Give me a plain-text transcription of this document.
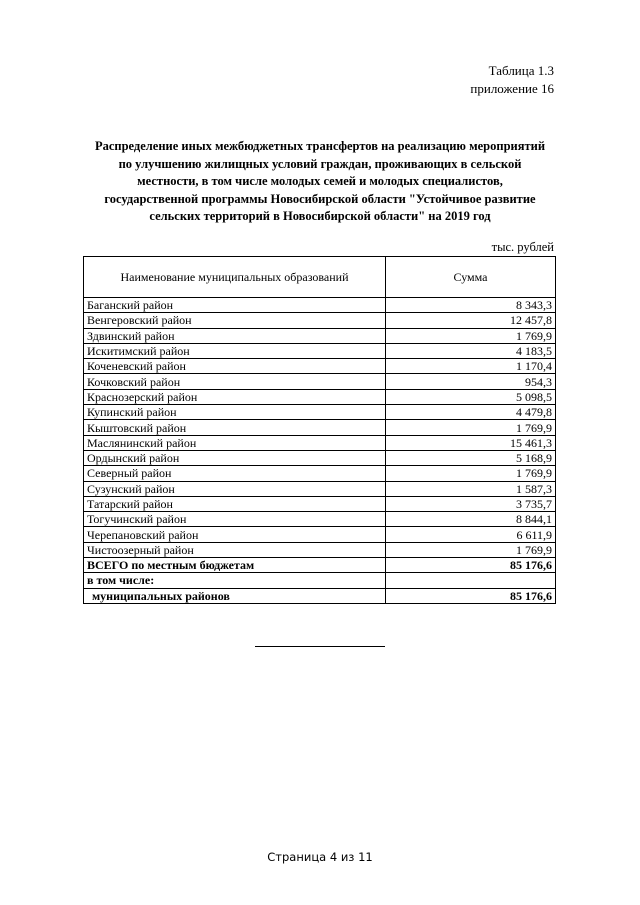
Таблица 1.3
приложение 16
Распределение иных межбюджетных трансфертов на реализацию мероприятий
по улучшению жилищных условий граждан, проживающих в сельской
местности, в том числе молодых семей и молодых специалистов,
государственной программы Новосибирской области "Устойчивое развитие
сельских территорий в Новосибирской области" на 2019 год
тыс. рублей
Наименование муниципальных образований	Сумма
Баганский район	8 343,3
Венгеровский район	12 457,8
Здвинский район	1 769,9
Искитимский район	4 183,5
Коченевский район	1 170,4
Кочковский район	954,3
Краснозерский район	5 098,5
Купинский район	4 479,8
Кыштовский район	1 769,9
Маслянинский район	15 461,3
Ордынский район	5 168,9
Северный район	1 769,9
Сузунский район	1 587,3
Татарский район	3 735,7
Тогучинский район	8 844,1
Черепановский район	6 611,9
Чистоозерный район	1 769,9
ВСЕГО по местным бюджетам	85 176,6
в том числе:	
муниципальных районов	85 176,6
Страница 4 из 11
